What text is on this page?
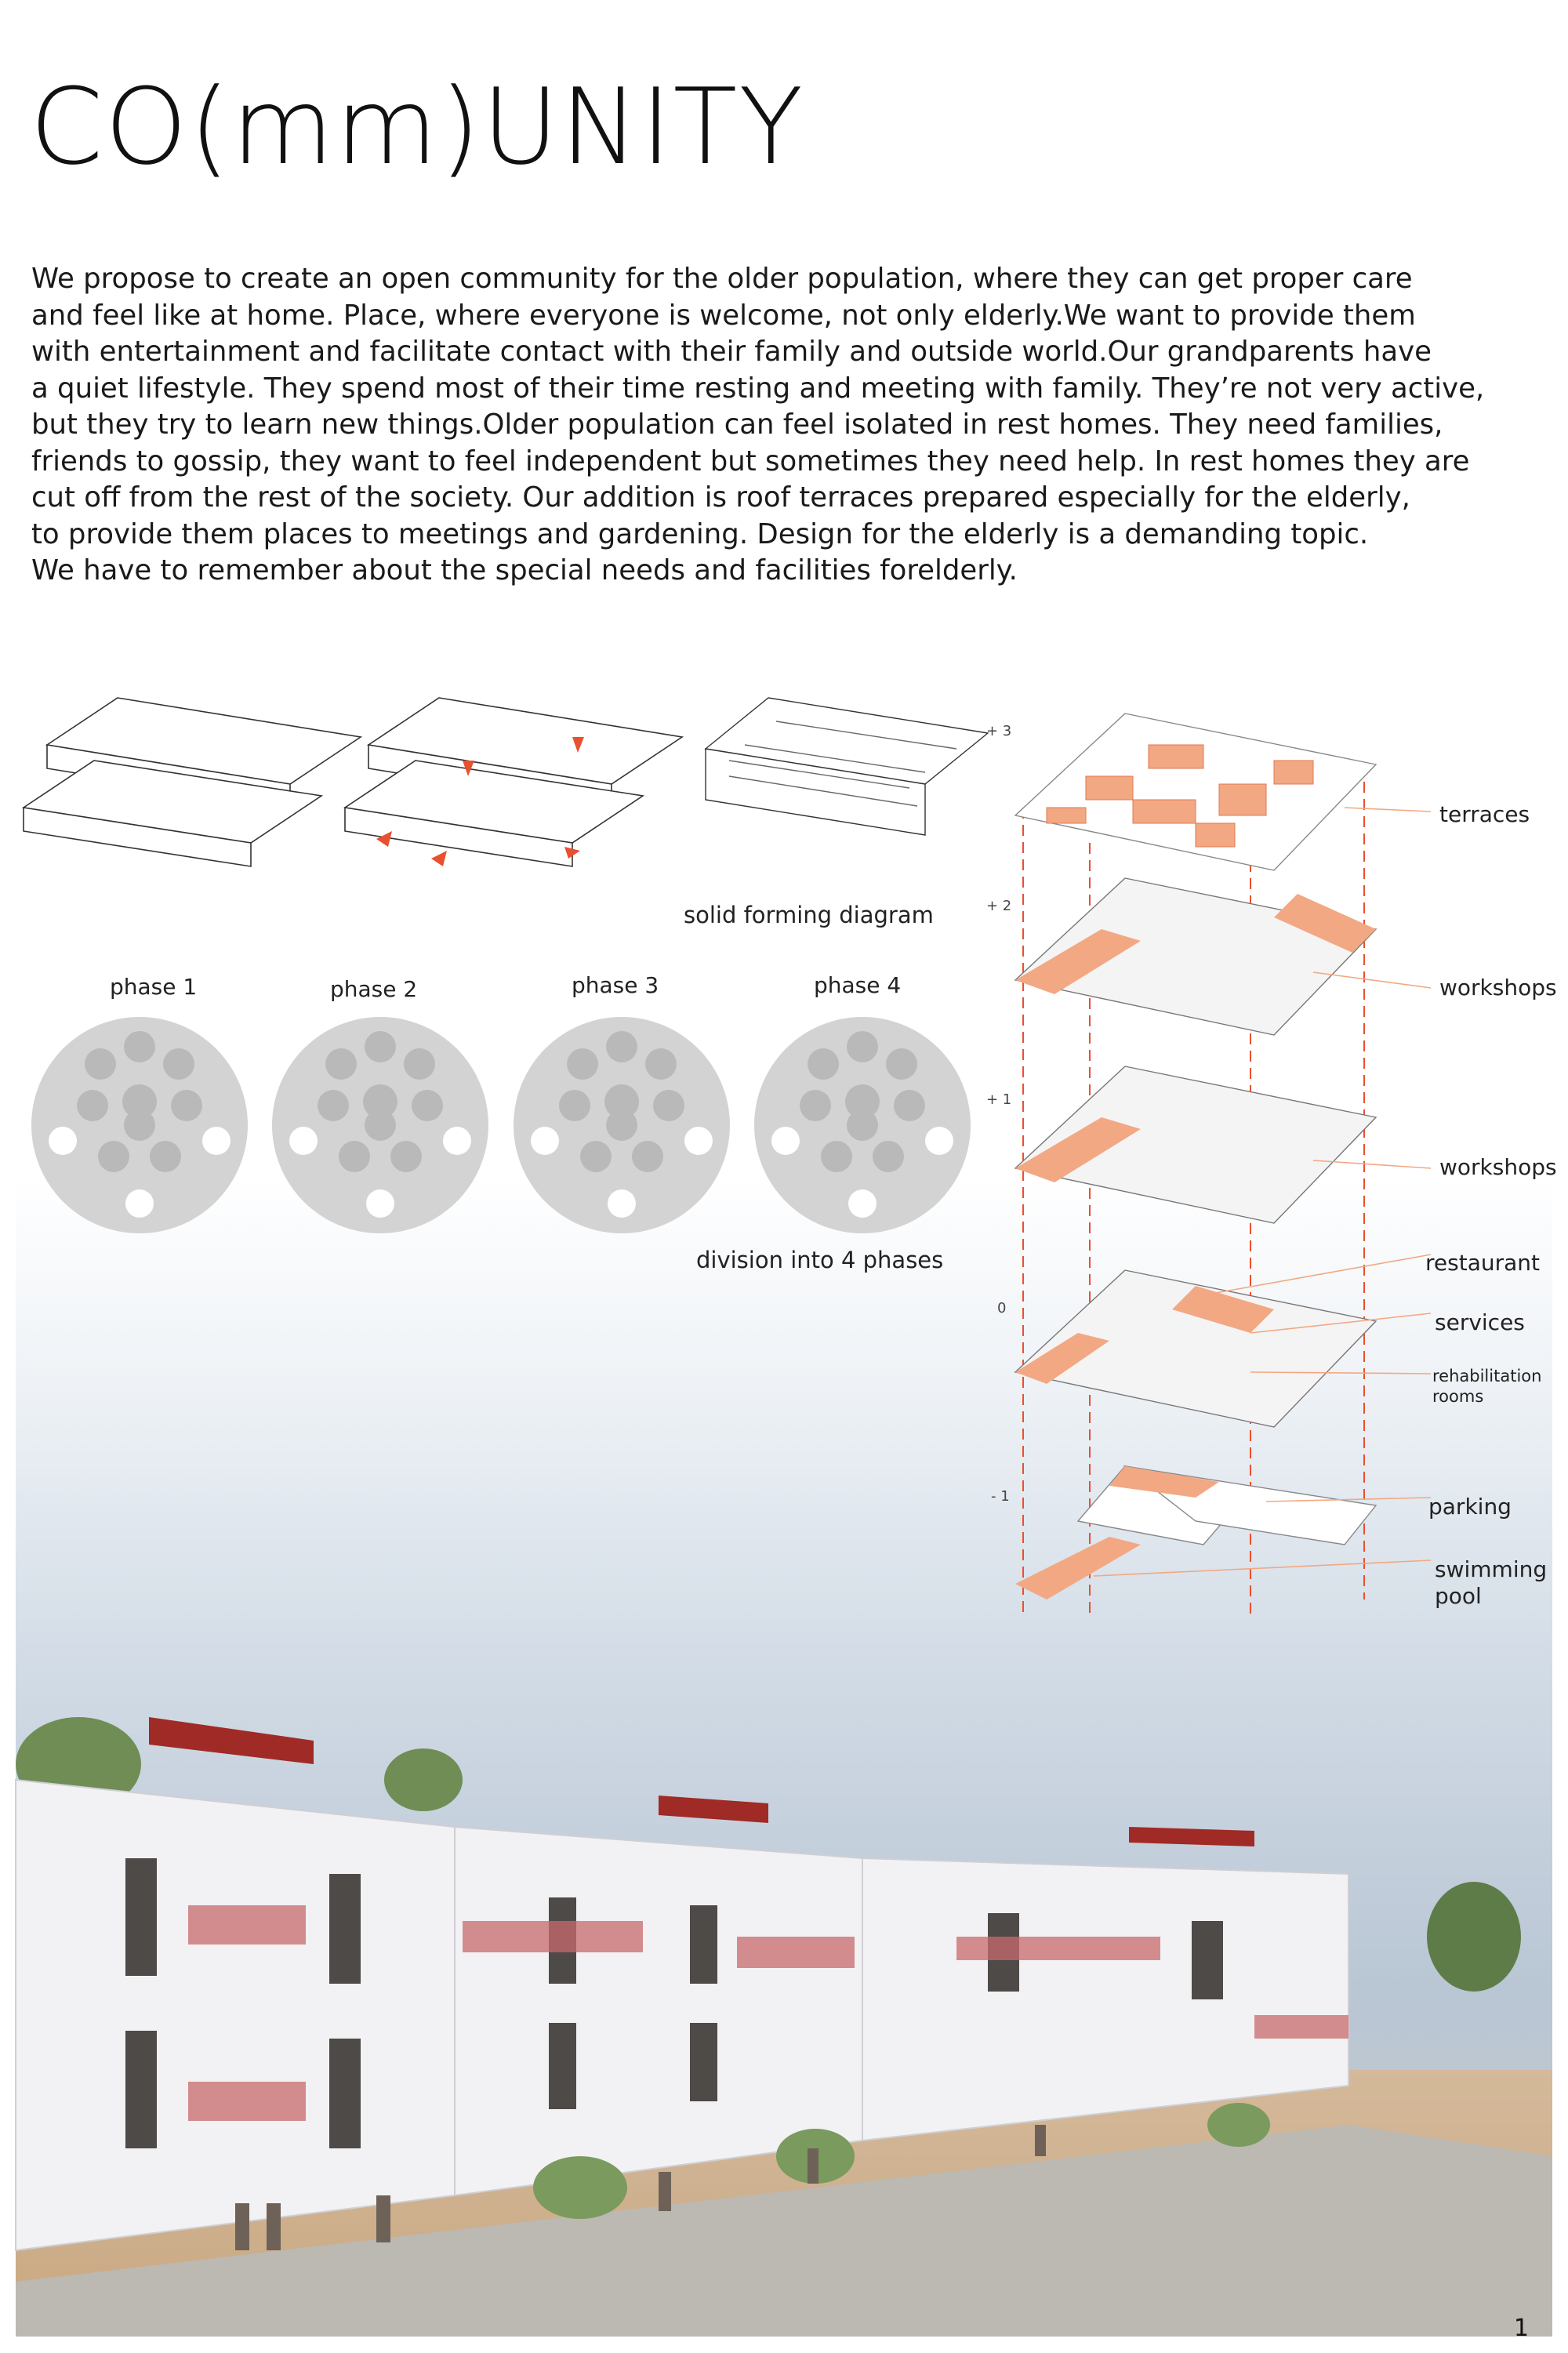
CO(mm)UNITY
We propose to create an open community for the older population, where they can get proper care
and feel like at home. Place, where everyone is welcome, not only elderly.We want to provide them
with entertainment and facilitate contact with their family and outside world.Our grandparents have
a quiet lifestyle. They spend most of their time resting and meeting with family. They’re not very active,
but they try to learn new things.Older population can feel isolated in rest homes. They need families,
friends to gossip, they want to feel independent but sometimes they need help. In rest homes they are
cut off from the rest of the society. Our addition is roof terraces prepared especially for the elderly,
to provide them places to meetings and gardening. Design for the elderly is a demanding topic.
We have to remember about the special needs and facilities forelderly.
solid forming diagram
phase 1	phase 2	phase 3	phase 4
division into 4 phases
+ 3
+ 2
+ 1
0
- 1
terraces
workshops
workshops
restaurant
services
rehabilitation
rooms
parking
swimming
pool
1
